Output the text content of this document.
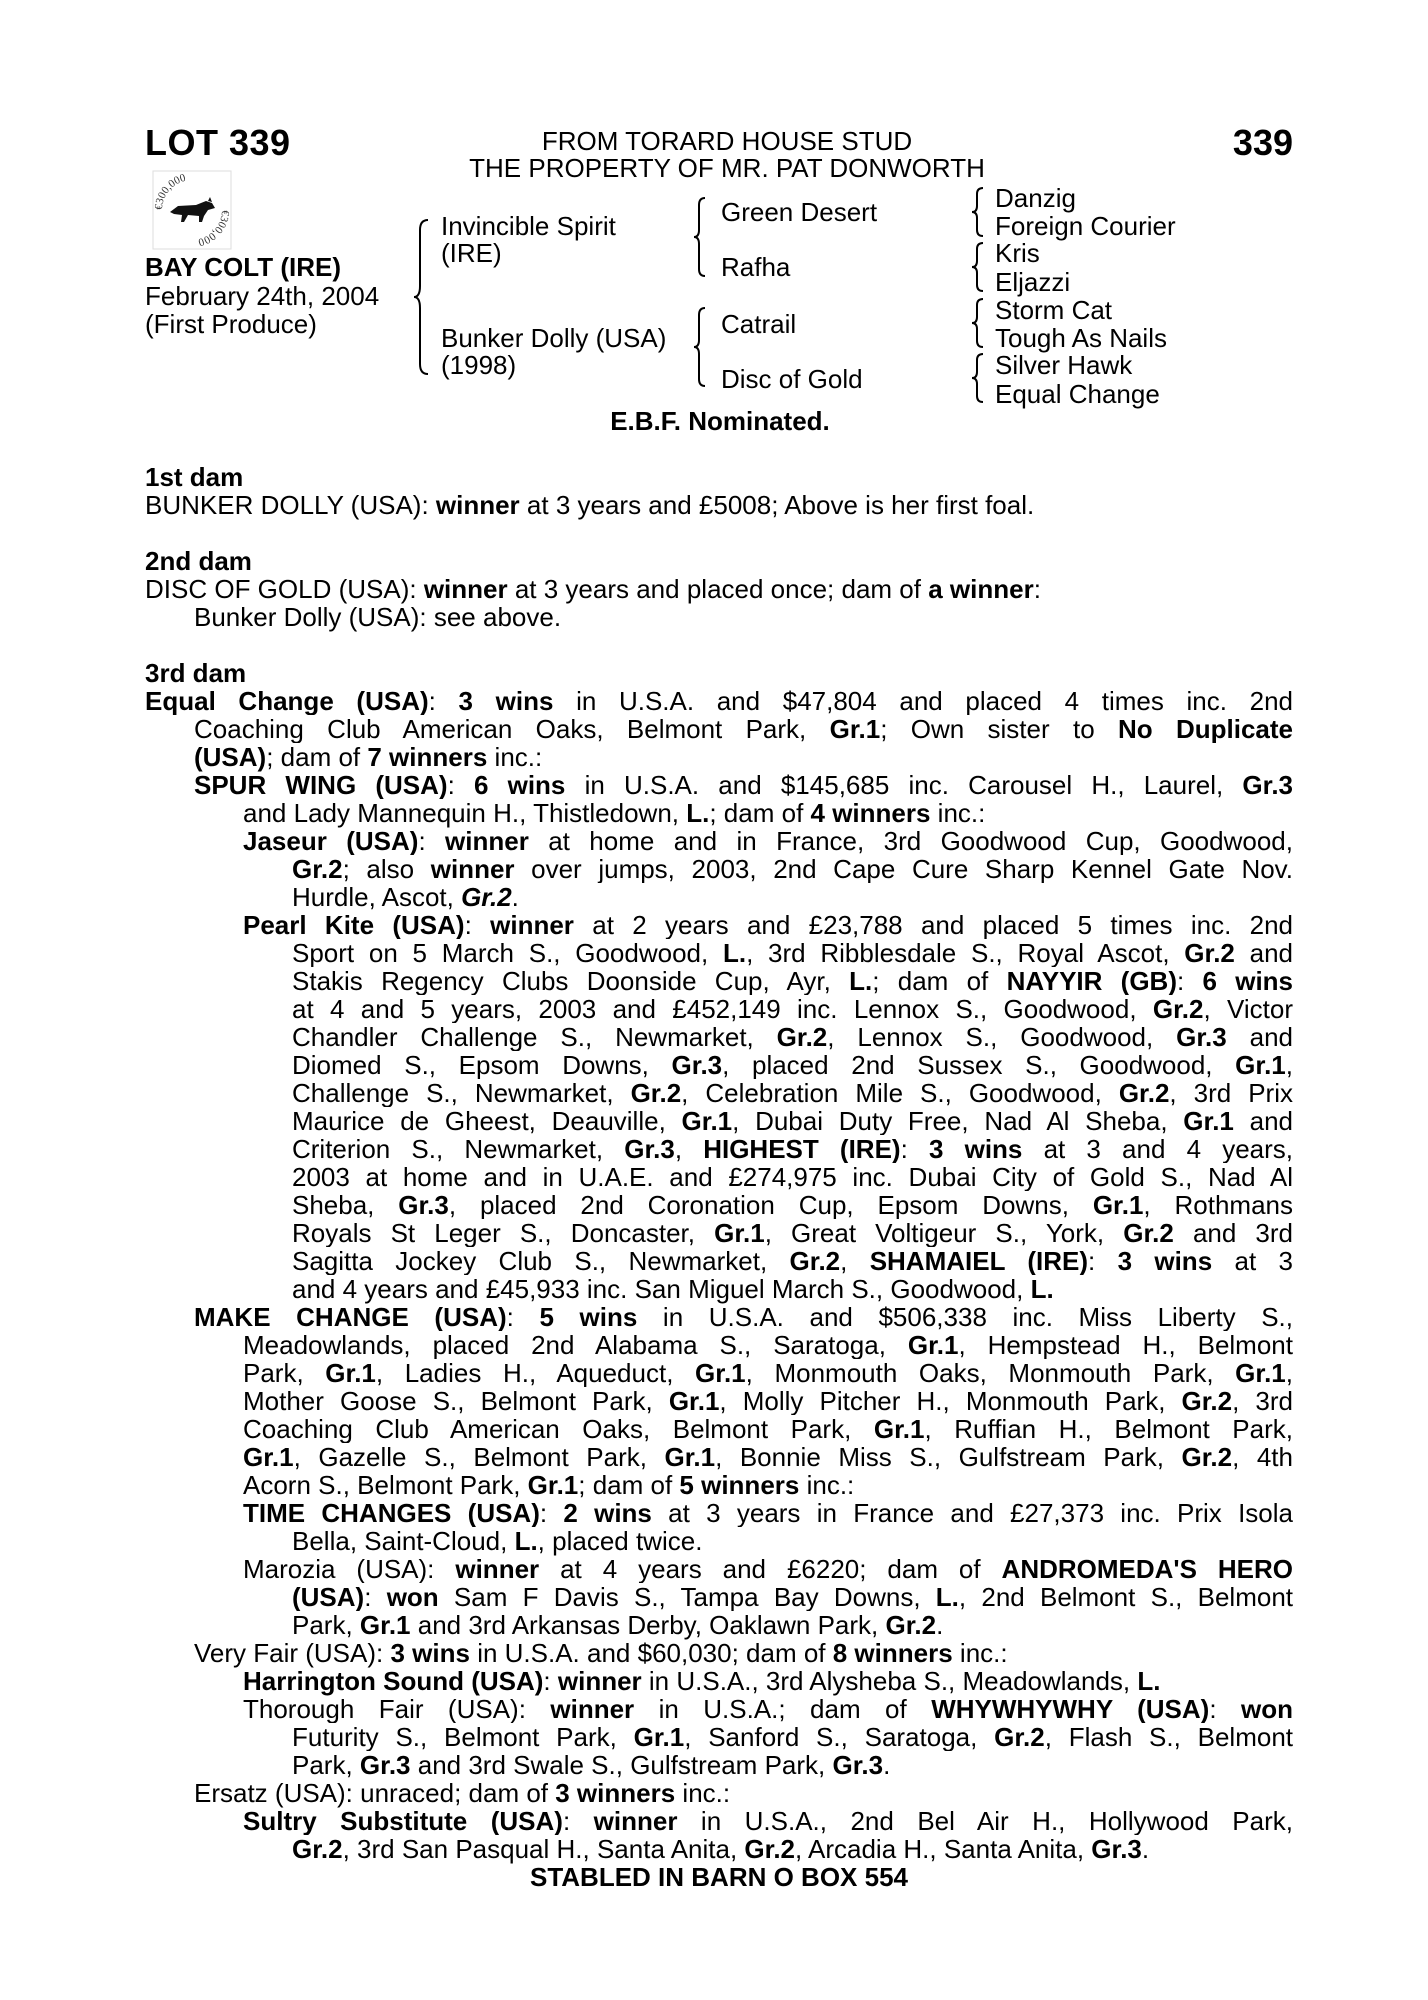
LOT 339	339
FROM TORARD HOUSE STUD
THE PROPERTY OF MR. PAT DONWORTH
€300,000
€300,000
BAY COLT (IRE)
February 24th, 2004
(First Produce)
Invincible Spirit
(IRE)
Bunker Dolly (USA)
(1998)
Green Desert
Rafha
Catrail
Disc of Gold
Danzig
Foreign Courier
Kris
Eljazzi
Storm Cat
Tough As Nails
Silver Hawk
Equal Change
E.B.F. Nominated.
1st dam
BUNKER DOLLY (USA): winner at 3 years and £5008; Above is her first foal.
2nd dam
DISC OF GOLD (USA): winner at 3 years and placed once; dam of a winner:
Bunker Dolly (USA): see above.
3rd dam
Equal Change (USA): 3 wins in U.S.A. and $47,804 and placed 4 times inc. 2nd
Coaching Club American Oaks, Belmont Park, Gr.1; Own sister to No Duplicate
(USA); dam of 7 winners inc.:
SPUR WING (USA): 6 wins in U.S.A. and $145,685 inc. Carousel H., Laurel, Gr.3
and Lady Mannequin H., Thistledown, L.; dam of 4 winners inc.:
Jaseur (USA): winner at home and in France, 3rd Goodwood Cup, Goodwood,
Gr.2; also winner over jumps, 2003, 2nd Cape Cure Sharp Kennel Gate Nov.
Hurdle, Ascot, Gr.2.
Pearl Kite (USA): winner at 2 years and £23,788 and placed 5 times inc. 2nd
Sport on 5 March S., Goodwood, L., 3rd Ribblesdale S., Royal Ascot, Gr.2 and
Stakis Regency Clubs Doonside Cup, Ayr, L.; dam of NAYYIR (GB): 6 wins
at 4 and 5 years, 2003 and £452,149 inc. Lennox S., Goodwood, Gr.2, Victor
Chandler Challenge S., Newmarket, Gr.2, Lennox S., Goodwood, Gr.3 and
Diomed S., Epsom Downs, Gr.3, placed 2nd Sussex S., Goodwood, Gr.1,
Challenge S., Newmarket, Gr.2, Celebration Mile S., Goodwood, Gr.2, 3rd Prix
Maurice de Gheest, Deauville, Gr.1, Dubai Duty Free, Nad Al Sheba, Gr.1 and
Criterion S., Newmarket, Gr.3, HIGHEST (IRE): 3 wins at 3 and 4 years,
2003 at home and in U.A.E. and £274,975 inc. Dubai City of Gold S., Nad Al
Sheba, Gr.3, placed 2nd Coronation Cup, Epsom Downs, Gr.1, Rothmans
Royals St Leger S., Doncaster, Gr.1, Great Voltigeur S., York, Gr.2 and 3rd
Sagitta Jockey Club S., Newmarket, Gr.2, SHAMAIEL (IRE): 3 wins at 3
and 4 years and £45,933 inc. San Miguel March S., Goodwood, L.
MAKE CHANGE (USA): 5 wins in U.S.A. and $506,338 inc. Miss Liberty S.,
Meadowlands, placed 2nd Alabama S., Saratoga, Gr.1, Hempstead H., Belmont
Park, Gr.1, Ladies H., Aqueduct, Gr.1, Monmouth Oaks, Monmouth Park, Gr.1,
Mother Goose S., Belmont Park, Gr.1, Molly Pitcher H., Monmouth Park, Gr.2, 3rd
Coaching Club American Oaks, Belmont Park, Gr.1, Ruffian H., Belmont Park,
Gr.1, Gazelle S., Belmont Park, Gr.1, Bonnie Miss S., Gulfstream Park, Gr.2, 4th
Acorn S., Belmont Park, Gr.1; dam of 5 winners inc.:
TIME CHANGES (USA): 2 wins at 3 years in France and £27,373 inc. Prix Isola
Bella, Saint-Cloud, L., placed twice.
Marozia (USA): winner at 4 years and £6220; dam of ANDROMEDA'S HERO
(USA): won Sam F Davis S., Tampa Bay Downs, L., 2nd Belmont S., Belmont
Park, Gr.1 and 3rd Arkansas Derby, Oaklawn Park, Gr.2.
Very Fair (USA): 3 wins in U.S.A. and $60,030; dam of 8 winners inc.:
Harrington Sound (USA): winner in U.S.A., 3rd Alysheba S., Meadowlands, L.
Thorough Fair (USA): winner in U.S.A.; dam of WHYWHYWHY (USA): won
Futurity S., Belmont Park, Gr.1, Sanford S., Saratoga, Gr.2, Flash S., Belmont
Park, Gr.3 and 3rd Swale S., Gulfstream Park, Gr.3.
Ersatz (USA): unraced; dam of 3 winners inc.:
Sultry Substitute (USA): winner in U.S.A., 2nd Bel Air H., Hollywood Park,
Gr.2, 3rd San Pasqual H., Santa Anita, Gr.2, Arcadia H., Santa Anita, Gr.3.
STABLED IN BARN O BOX 554
